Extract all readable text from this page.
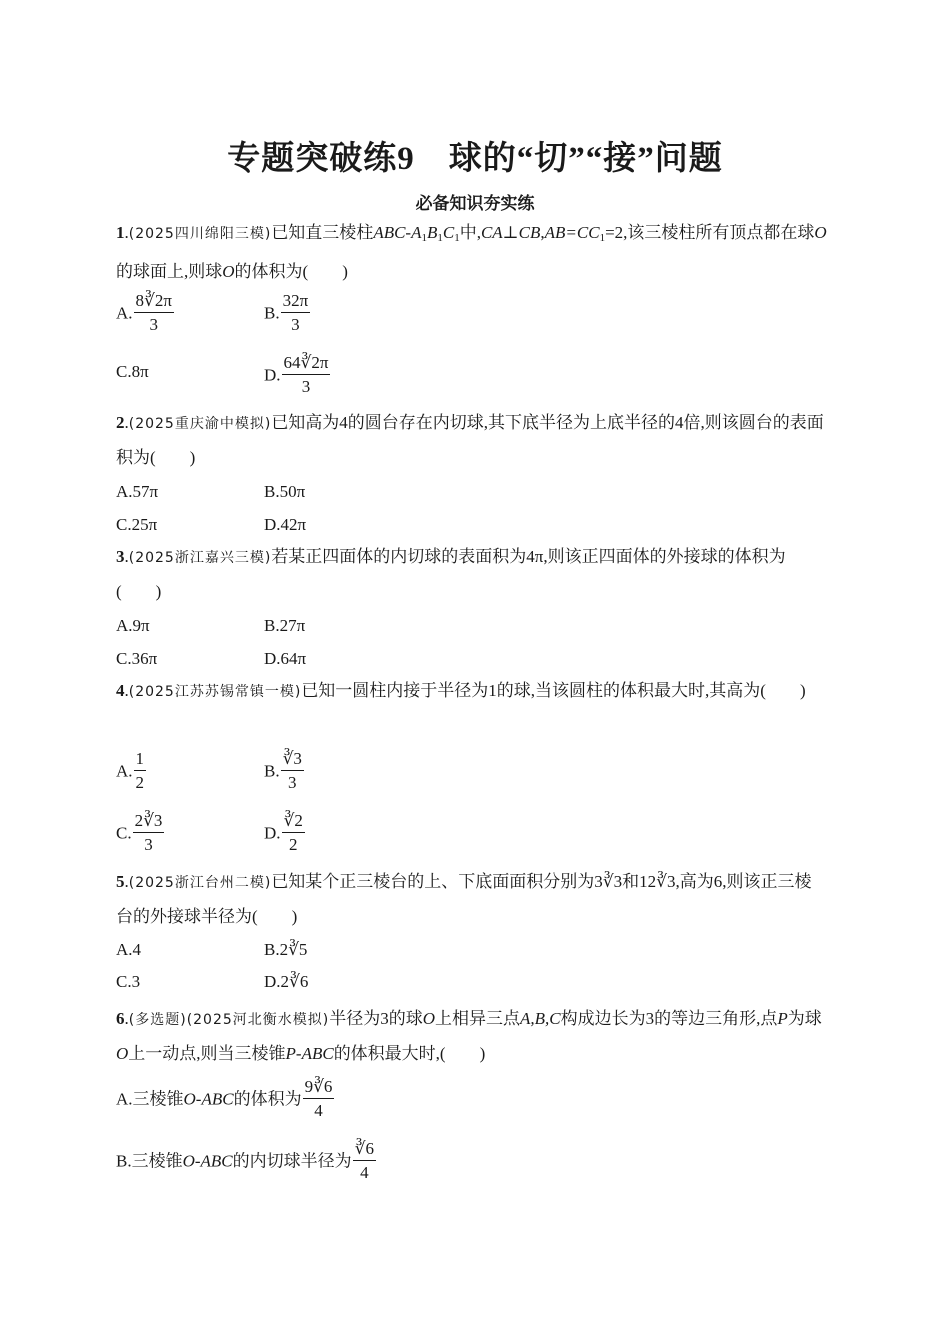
专题突破练9　球的“切”“接”问题
必备知识夯实练
1.(2025四川绵阳三模)已知直三棱柱ABC-$A_1B_1C_1$中$,CA\perp CB,AB=CC_1=2$,该三棱柱所有顶点都在球O的球面上,则球O的体积为(　　)
A. $\frac{8∛2\pi}{3}$	B. $\frac{32\pi}{3}$
C.8π	D. $\frac{64∛2\pi}{3}$
2.(2025重庆渝中模拟)已知高为4的圆台存在内切球,其下底半径为上底半径的4倍,则该圆台的表面积为(　　)
A.57π	B.50π
C.25π	D.42π
3.(2025浙江嘉兴三模)若某正四面体的内切球的表面积为4π,则该正四面体的外接球的体积为(　　)
A.9π	B.27π
C.36π	D.64π
4.(2025江苏苏锡常镇一模)已知一圆柱内接于半径为1的球,当该圆柱的体积最大时,其高为(　　)
A. $\frac{1}{2}$	B. $\frac{∛3}{3}$
C. $\frac{2∛3}{3}$	D. $\frac{∛2}{2}$
5.(2025浙江台州二模)已知某个正三棱台的上、下底面面积分别为3∛3和12∛3,高为6,则该正三棱台的外接球半径为(　　)
A.4	B.2∛5
C.3	D.2∛6
6.(多选题)(2025河北衡水模拟)半径为3的球O上相异三点A,B,C构成边长为3的等边三角形,点P为球O上一动点,则当三棱锥P-ABC的体积最大时,(　　)
A.三棱锥O-ABC的体积为 $\frac{9∛6}{4}$
B.三棱锥O-ABC的内切球半径为 $\frac{∛6}{4}$
